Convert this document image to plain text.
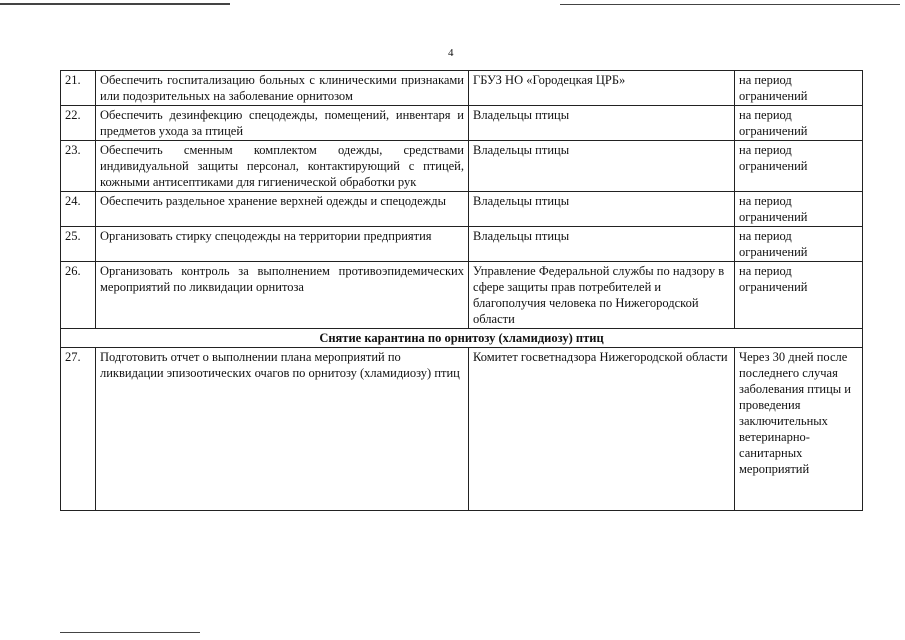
4
21.	Обеспечить госпитализацию больных с клиническими признаками или подозрительных на заболевание орнитозом	ГБУЗ НО «Городецкая ЦРБ»	на период ограничений
22.	Обеспечить дезинфекцию спецодежды, помещений, инвентаря и предметов ухода за птицей	Владельцы птицы	на период ограничений
23.	Обеспечить сменным комплектом одежды, средствами индивидуальной защиты персонал, контактирующий с птицей, кожными антисептиками для гигиенической обработки рук	Владельцы птицы	на период ограничений
24.	Обеспечить раздельное хранение верхней одежды и спецодежды	Владельцы птицы	на период ограничений
25.	Организовать стирку спецодежды на территории предприятия	Владельцы птицы	на период ограничений
26.	Организовать контроль за выполнением противоэпидемических мероприятий по ликвидации орнитоза	Управление Федеральной службы по надзору в сфере защиты прав потребителей и благополучия человека по Нижегородской области	на период ограничений
Снятие карантина по орнитозу (хламидиозу) птиц			
27.	Подготовить отчет о выполнении плана мероприятий по ликвидации эпизоотических очагов по орнитозу (хламидиозу) птиц	Комитет госветнадзора Нижегородской области	Через 30 дней после последнего случая заболевания птицы и проведения заключительных ветеринарно-санитарных мероприятий
